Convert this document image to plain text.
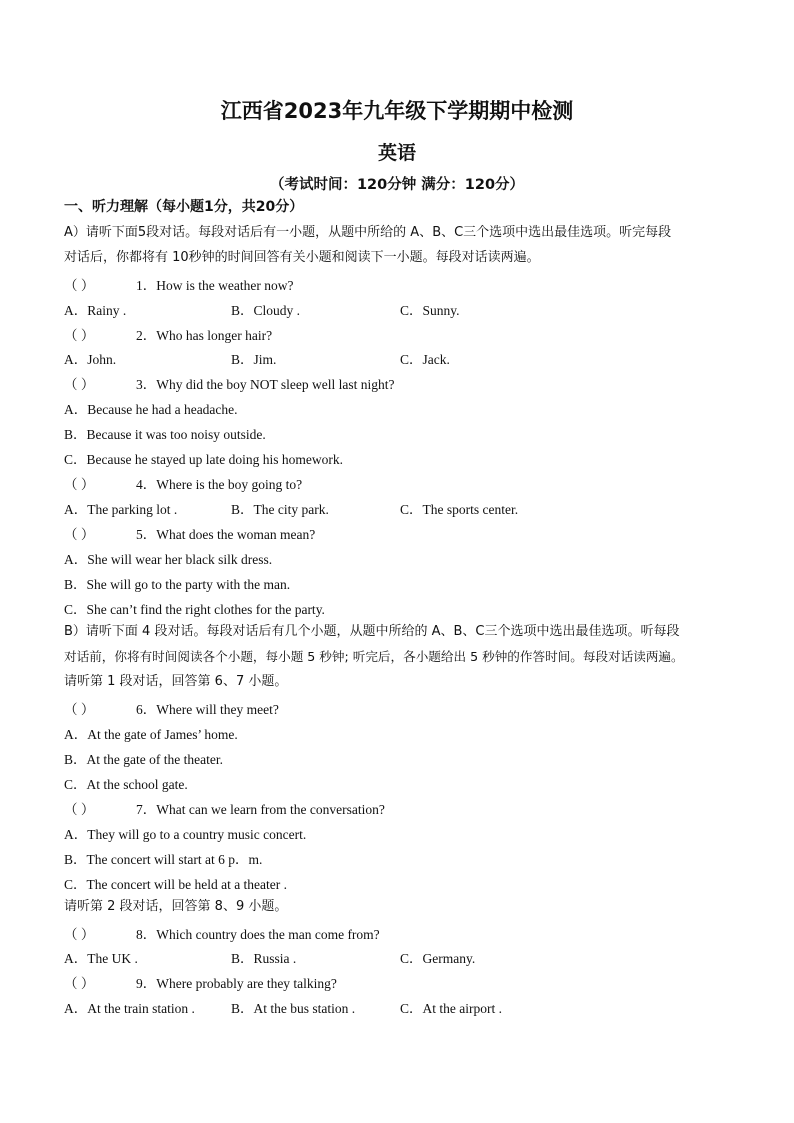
江西省2023年九年级下学期期中检测
英语
（考试时间：120分钟 满分：120分）
一、听力理解（每小题1分，共20分）
A）请听下面5段对话。每段对话后有一小题，从题中所给的 A、B、C三个选项中选出最佳选项。听完每段
对话后，你都将有 10秒钟的时间回答有关小题和阅读下一小题。每段对话读两遍。
（ ）	1．How is the weather now?
A．Rainy .	B．Cloudy .	C．Sunny.
（ ）	2．Who has longer hair?
A．John.	B．Jim.	C．Jack.
（ ）	3．Why did the boy NOT sleep well last night?
A．Because he had a headache.
B．Because it was too noisy outside.
C．Because he stayed up late doing his homework.
（ ）	4．Where is the boy going to?
A．The parking lot .	B．The city park.	C．The sports center.
（ ）	5．What does the woman mean?
A．She will wear her black silk dress.
B．She will go to the party with the man.
C．She can’t find the right clothes for the party.
B）请听下面 4 段对话。每段对话后有几个小题，从题中所给的 A、B、C三个选项中选出最佳选项。听每段
对话前，你将有时间阅读各个小题，每小题 5 秒钟; 听完后，各小题给出 5 秒钟的作答时间。每段对话读两遍。
请听第 1 段对话，回答第 6、7 小题。
（ ）	6．Where will they meet?
A．At the gate of James’ home.
B．At the gate of the theater.
C．At the school gate.
（ ）	7．What can we learn from the conversation?
A．They will go to a country music concert.
B．The concert will start at 6 p．m.
C．The concert will be held at a theater .
请听第 2 段对话，回答第 8、9 小题。
（ ）	8．Which country does the man come from?
A．The UK .	B．Russia .	C．Germany.
（ ）	9．Where probably are they talking?
A．At the train station .	B．At the bus station .	C．At the airport .
